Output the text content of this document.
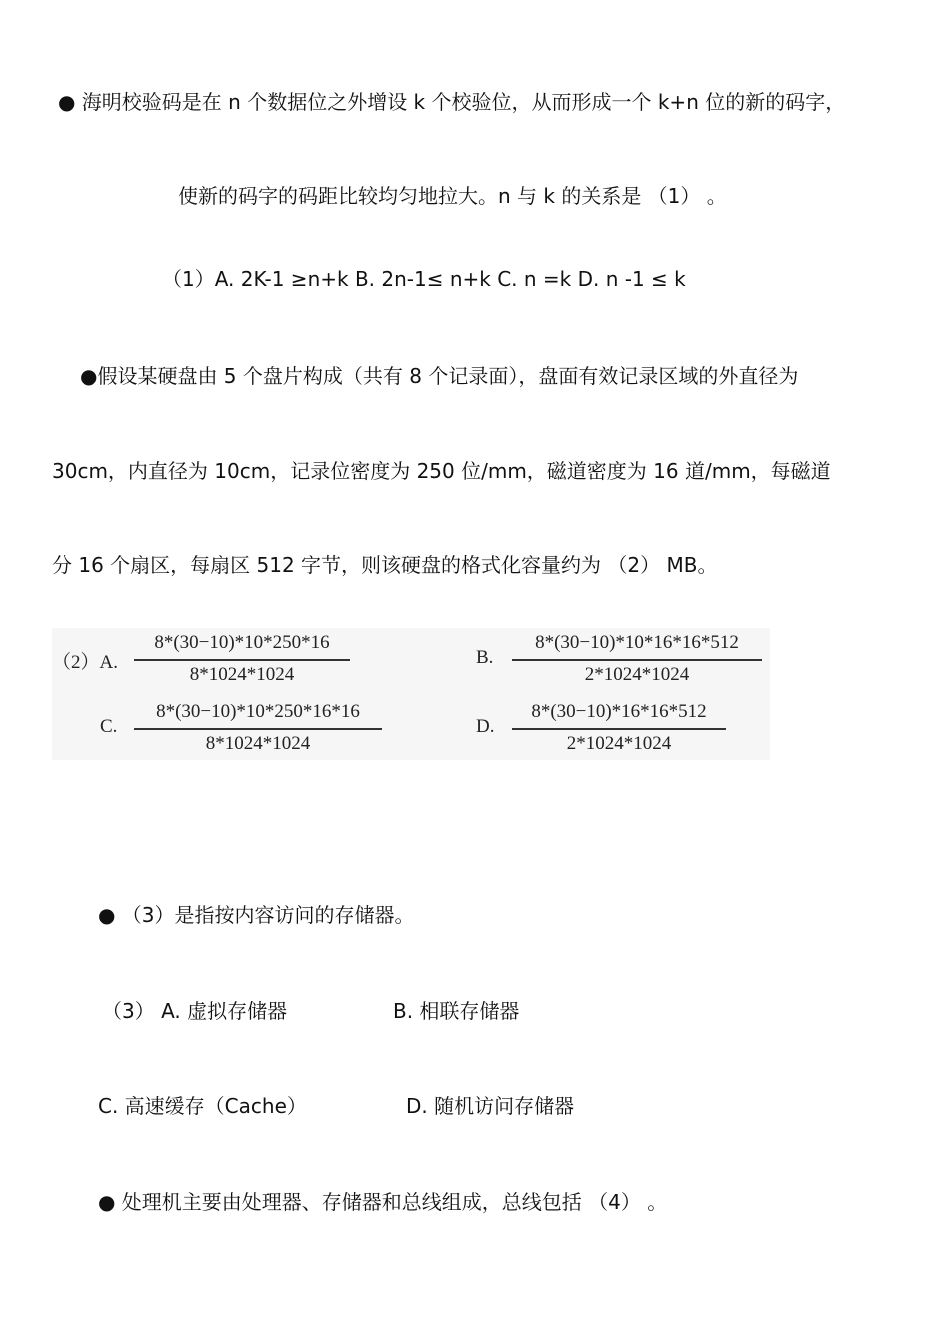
● 海明校验码是在 n 个数据位之外增设 k 个校验位，从而形成一个 k+n 位的新的码字，
使新的码字的码距比较均匀地拉大。n 与 k 的关系是 （1） 。
（1）A. 2K-1 ≥n+k B. 2n-1≤ n+k C. n =k D. n -1 ≤ k
●假设某硬盘由 5 个盘片构成（共有 8 个记录面），盘面有效记录区域的外直径为
30cm，内直径为 10cm，记录位密度为 250 位/mm，磁道密度为 16 道/mm，每磁道
分 16 个扇区，每扇区 512 字节，则该硬盘的格式化容量约为 （2） MB。
（2）A.
8*(30−10)*10*250*16
8*1024*1024
B.
8*(30−10)*10*16*16*512
2*1024*1024
C.
8*(30−10)*10*250*16*16
8*1024*1024
D.
8*(30−10)*16*16*512
2*1024*1024
● （3）是指按内容访问的存储器。
（3） A. 虚拟存储器	B. 相联存储器
C. 高速缓存（Cache）	D. 随机访问存储器
● 处理机主要由处理器、存储器和总线组成，总线包括 （4） 。
